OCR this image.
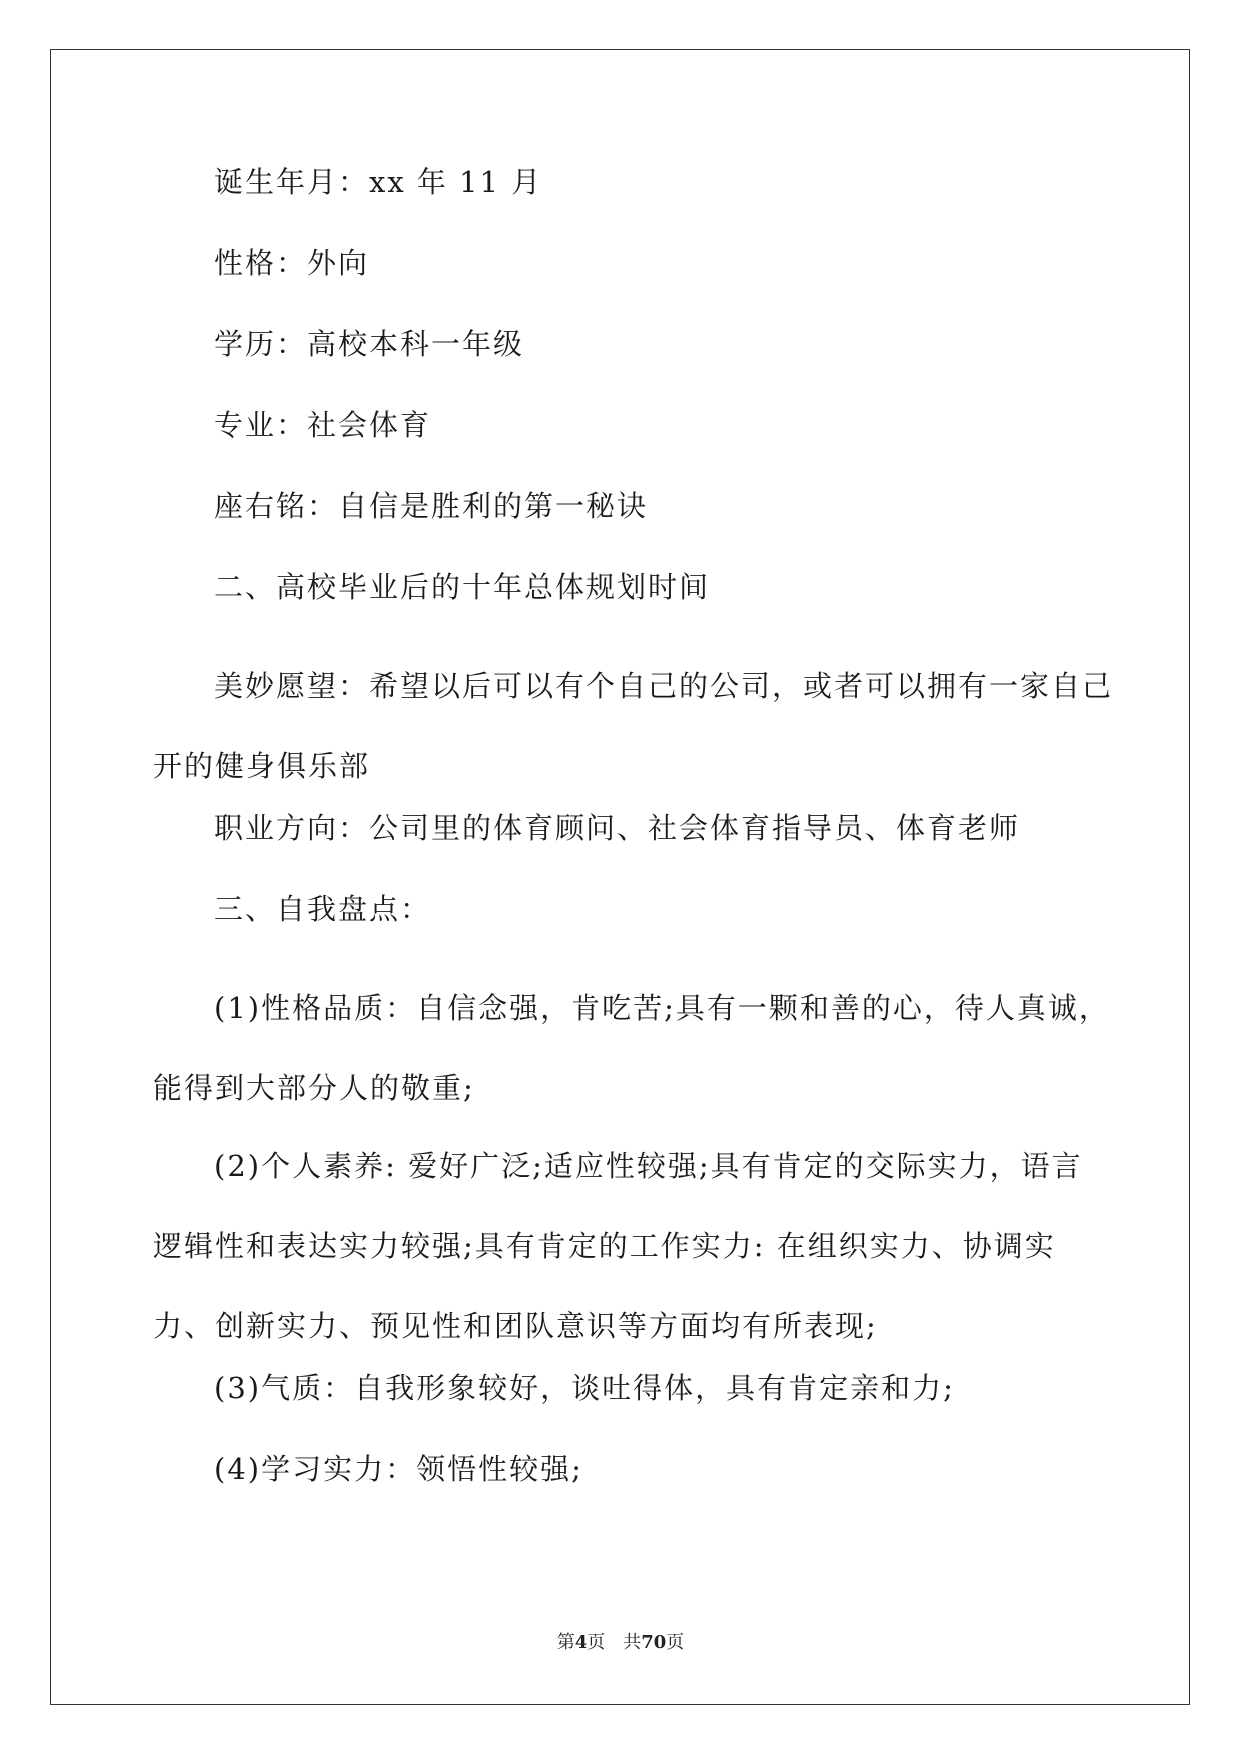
诞生年月：xx 年 11 月

性格：外向

学历：高校本科一年级

专业：社会体育

座右铭：自信是胜利的第一秘诀

二、高校毕业后的十年总体规划时间

美妙愿望：希望以后可以有个自己的公司，或者可以拥有一家自己开的健身俱乐部

职业方向：公司里的体育顾问、社会体育指导员、体育老师

三、自我盘点：

(1)性格品质：自信念强，肯吃苦;具有一颗和善的心，待人真诚，能得到大部分人的敬重;

(2)个人素养: 爱好广泛;适应性较强;具有肯定的交际实力，语言逻辑性和表达实力较强;具有肯定的工作实力: 在组织实力、协调实力、创新实力、预见性和团队意识等方面均有所表现;

(3)气质：自我形象较好，谈吐得体，具有肯定亲和力;

(4)学习实力：领悟性较强;

第4页 共70页
